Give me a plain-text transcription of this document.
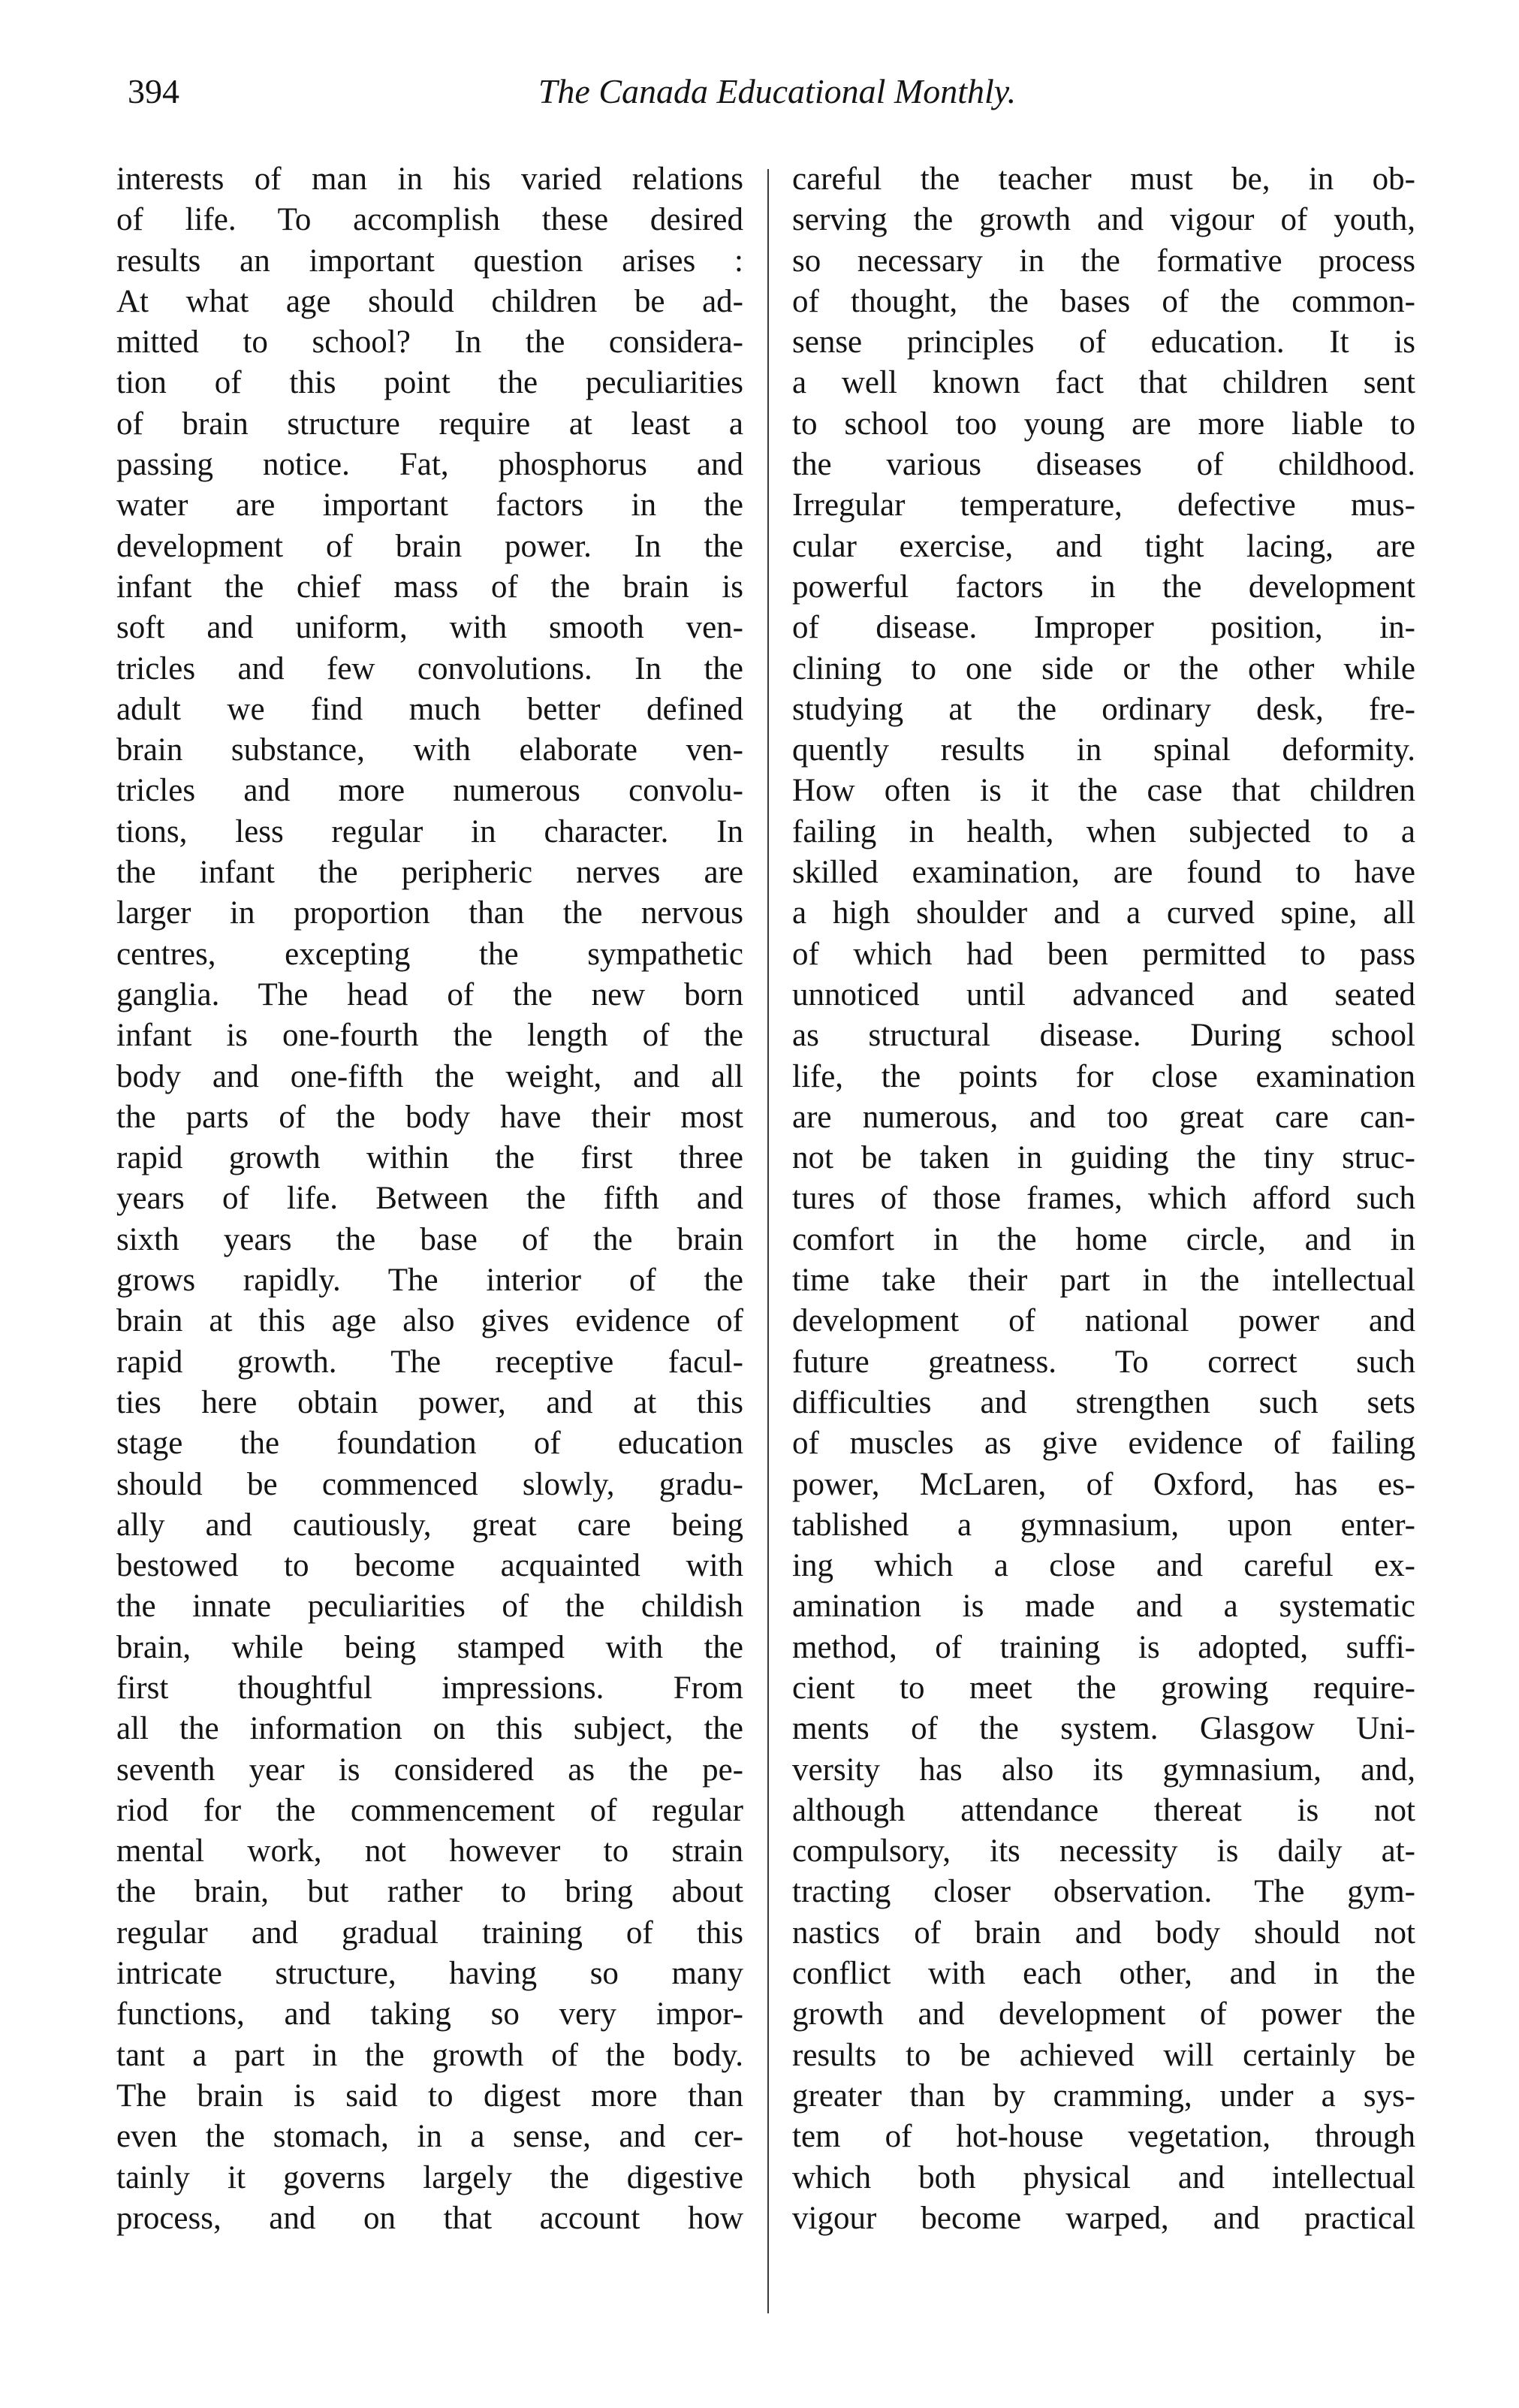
394	The Canada Educational Monthly.
interests of man in his varied relations
of life. To accomplish these desired
results an important question arises :
At what age should children be ad-
mitted to school? In the considera-
tion of this point the peculiarities
of brain structure require at least a
passing notice. Fat, phosphorus and
water are important factors in the
development of brain power. In the
infant the chief mass of the brain is
soft and uniform, with smooth ven-
tricles and few convolutions. In the
adult we find much better defined
brain substance, with elaborate ven-
tricles and more numerous convolu-
tions, less regular in character. In
the infant the peripheric nerves are
larger in proportion than the nervous
centres, excepting the sympathetic
ganglia. The head of the new born
infant is one-fourth the length of the
body and one-fifth the weight, and all
the parts of the body have their most
rapid growth within the first three
years of life. Between the fifth and
sixth years the base of the brain
grows rapidly. The interior of the
brain at this age also gives evidence of
rapid growth. The receptive facul-
ties here obtain power, and at this
stage the foundation of education
should be commenced slowly, gradu-
ally and cautiously, great care being
bestowed to become acquainted with
the innate peculiarities of the childish
brain, while being stamped with the
first thoughtful impressions. From
all the information on this subject, the
seventh year is considered as the pe-
riod for the commencement of regular
mental work, not however to strain
the brain, but rather to bring about
regular and gradual training of this
intricate structure, having so many
functions, and taking so very impor-
tant a part in the growth of the body.
The brain is said to digest more than
even the stomach, in a sense, and cer-
tainly it governs largely the digestive
process, and on that account how
careful the teacher must be, in ob-
serving the growth and vigour of youth,
so necessary in the formative process
of thought, the bases of the common-
sense principles of education. It is
a well known fact that children sent
to school too young are more liable to
the various diseases of childhood.
Irregular temperature, defective mus-
cular exercise, and tight lacing, are
powerful factors in the development
of disease. Improper position, in-
clining to one side or the other while
studying at the ordinary desk, fre-
quently results in spinal deformity.
How often is it the case that children
failing in health, when subjected to a
skilled examination, are found to have
a high shoulder and a curved spine, all
of which had been permitted to pass
unnoticed until advanced and seated
as structural disease. During school
life, the points for close examination
are numerous, and too great care can-
not be taken in guiding the tiny struc-
tures of those frames, which afford such
comfort in the home circle, and in
time take their part in the intellectual
development of national power and
future greatness. To correct such
difficulties and strengthen such sets
of muscles as give evidence of failing
power, McLaren, of Oxford, has es-
tablished a gymnasium, upon enter-
ing which a close and careful ex-
amination is made and a systematic
method, of training is adopted, suffi-
cient to meet the growing require-
ments of the system. Glasgow Uni-
versity has also its gymnasium, and,
although attendance thereat is not
compulsory, its necessity is daily at-
tracting closer observation. The gym-
nastics of brain and body should not
conflict with each other, and in the
growth and development of power the
results to be achieved will certainly be
greater than by cramming, under a sys-
tem of hot-house vegetation, through
which both physical and intellectual
vigour become warped, and practical
